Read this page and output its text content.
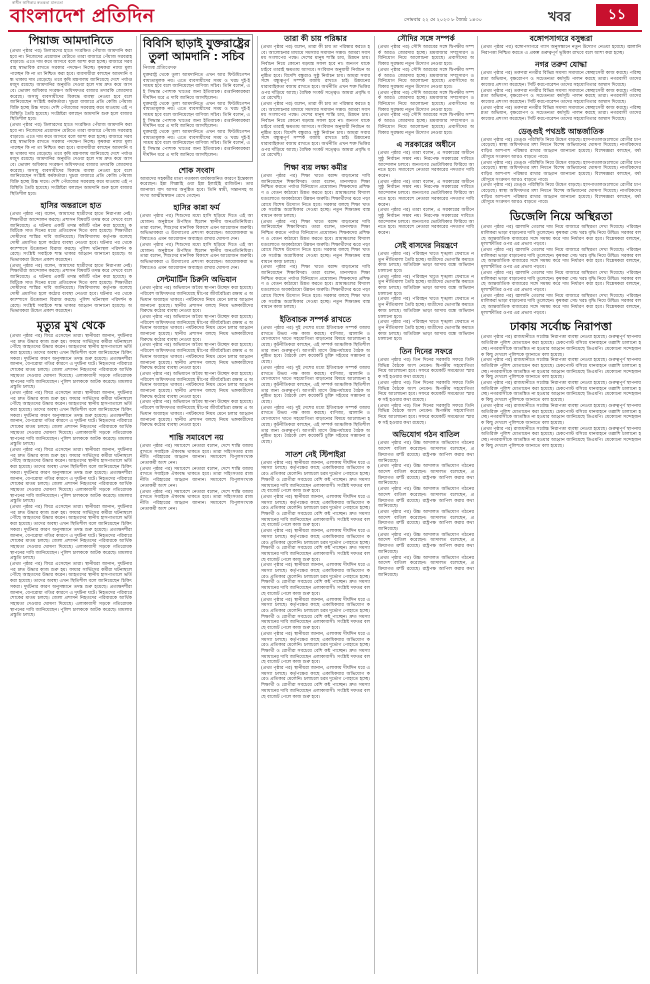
স্বাধীন স্বাধিকার স্বতন্ত্রতা মানবতা
বাংলাদেশ প্রতিদিন	সোমবার ২২ মে ২০২৩ ৮ জ্যৈষ্ঠ ১৪৩০	খবর	১১
পিয়াজ আমদানিতে

(প্রথম পৃষ্ঠার পর) ডিলারদের হাতে সংরক্ষিত পেঁয়াজ আমদানি করা হবে না। নিজেদের প্রয়োজন মেটাতে তারা বাজারে পেঁয়াজ সরবরাহ বাড়াবে। এতে দাম কমে আসবে বলে আশা করা হচ্ছে। বাজারে সরবরাহ স্বাভাবিক রাখতে সরকার পদক্ষেপ নিচ্ছে। কৃষকরা ন্যায্য মূল্য পাচ্ছেন কি না তা নিশ্চিত করা হবে। ব্যবসায়ীরা বলছেন আমদানি বন্ধ থাকায় দাম বেড়েছে। তবে কৃষি মন্ত্রণালয় জানিয়েছে দেশে পর্যাপ্ত মজুদ রয়েছে। আমদানির অনুমতি দেওয়া হলে দাম দ্রুত কমে আসবে। ভোক্তা অধিকার সংরক্ষণ অধিদফতর বাজার তদারকি জোরদার করেছে। অসাধু ব্যবসায়ীদের বিরুদ্ধে ব্যবস্থা নেওয়া হবে বলে জানিয়েছেন সংশ্লিষ্ট কর্মকর্তারা। খুচরা বাজারে প্রতি কেজি পেঁয়াজ বিক্রি হচ্ছে উচ্চ দামে। দেশি পেঁয়াজের সরবরাহ কমে যাওয়ায় এই পরিস্থিতি তৈরি হয়েছে। সংশ্লিষ্টরা বলছেন আমদানি শুরু হলে বাজার স্থিতিশীল হবে।

(প্রথম পৃষ্ঠার পর) ডিলারদের হাতে সংরক্ষিত পেঁয়াজ আমদানি করা হবে না। নিজেদের প্রয়োজন মেটাতে তারা বাজারে পেঁয়াজ সরবরাহ বাড়াবে। এতে দাম কমে আসবে বলে আশা করা হচ্ছে। বাজারে সরবরাহ স্বাভাবিক রাখতে সরকার পদক্ষেপ নিচ্ছে। কৃষকরা ন্যায্য মূল্য পাচ্ছেন কি না তা নিশ্চিত করা হবে। ব্যবসায়ীরা বলছেন আমদানি বন্ধ থাকায় দাম বেড়েছে। তবে কৃষি মন্ত্রণালয় জানিয়েছে দেশে পর্যাপ্ত মজুদ রয়েছে। আমদানির অনুমতি দেওয়া হলে দাম দ্রুত কমে আসবে। ভোক্তা অধিকার সংরক্ষণ অধিদফতর বাজার তদারকি জোরদার করেছে। অসাধু ব্যবসায়ীদের বিরুদ্ধে ব্যবস্থা নেওয়া হবে বলে জানিয়েছেন সংশ্লিষ্ট কর্মকর্তারা। খুচরা বাজারে প্রতি কেজি পেঁয়াজ বিক্রি হচ্ছে উচ্চ দামে। দেশি পেঁয়াজের সরবরাহ কমে যাওয়ায় এই পরিস্থিতি তৈরি হয়েছে। সংশ্লিষ্টরা বলছেন আমদানি শুরু হলে বাজার স্থিতিশীল হবে।

হাসির অন্তরালে হাত

(প্রথম পৃষ্ঠার পর) বলেন, আমাদের ছাত্রীদের হাতে নিরাপত্তা নেই। শিক্ষার্থীরা আন্দোলন করছে। প্রশাসন বিষয়টি তদন্ত করে দেখবে বলে জানিয়েছে। এ ঘটনায় একটি তদন্ত কমিটি গঠন করা হয়েছে। কমিটিকে সাত দিনের মধ্যে প্রতিবেদন দিতে বলা হয়েছে। শিক্ষার্থীরা দোষীদের শাস্তির দাবি জানিয়েছে। বিশ্ববিদ্যালয় কর্তৃপক্ষ বলেছে দোষী প্রমাণিত হলে কঠোর ব্যবস্থা নেওয়া হবে। ঘটনার পর থেকে ক্যাম্পাসে উত্তেজনা বিরাজ করছে। পুলিশ ঘটনাস্থল পরিদর্শন করেছে। সংশ্লিষ্ট সবাইকে শান্ত থাকার আহ্বান জানানো হয়েছে। অভিভাবকরা উদ্বেগ প্রকাশ করেছেন।

(প্রথম পৃষ্ঠার পর) বলেন, আমাদের ছাত্রীদের হাতে নিরাপত্তা নেই। শিক্ষার্থীরা আন্দোলন করছে। প্রশাসন বিষয়টি তদন্ত করে দেখবে বলে জানিয়েছে। এ ঘটনায় একটি তদন্ত কমিটি গঠন করা হয়েছে। কমিটিকে সাত দিনের মধ্যে প্রতিবেদন দিতে বলা হয়েছে। শিক্ষার্থীরা দোষীদের শাস্তির দাবি জানিয়েছে। বিশ্ববিদ্যালয় কর্তৃপক্ষ বলেছে দোষী প্রমাণিত হলে কঠোর ব্যবস্থা নেওয়া হবে। ঘটনার পর থেকে ক্যাম্পাসে উত্তেজনা বিরাজ করছে। পুলিশ ঘটনাস্থল পরিদর্শন করেছে। সংশ্লিষ্ট সবাইকে শান্ত থাকার আহ্বান জানানো হয়েছে। অভিভাবকরা উদ্বেগ প্রকাশ করেছেন।

মৃত্যুর মুখ থেকে

(প্রথম পৃষ্ঠার পর) ফিরে এসেছেন তারা। স্থানীয়রা জানান, দুর্ঘটনার পর দ্রুত উদ্ধার কাজ শুরু হয়। ফায়ার সার্ভিসের কর্মীরা ঘটনাস্থলে পৌঁছে আহতদের উদ্ধার করেন। আহতদের স্থানীয় হাসপাতালে ভর্তি করা হয়েছে। তাদের অবস্থা এখন স্থিতিশীল বলে জানিয়েছেন চিকিৎসকরা। দুর্ঘটনার কারণ অনুসন্ধানে তদন্ত শুরু হয়েছে। প্রত্যক্ষদর্শীরা জানান, বেপরোয়া গতির কারণে এ দুর্ঘটনা ঘটে। নিহতদের পরিবারে শোকের মাতম চলছে। জেলা প্রশাসন নিহতদের পরিবারকে আর্থিক সহায়তা দেওয়ার ঘোষণা দিয়েছে। এলাকাবাসী সড়কে গতিরোধক স্থাপনের দাবি জানিয়েছেন। পুলিশ চালককে আটক করেছে। মামলার প্রস্তুতি চলছে।

(প্রথম পৃষ্ঠার পর) ফিরে এসেছেন তারা। স্থানীয়রা জানান, দুর্ঘটনার পর দ্রুত উদ্ধার কাজ শুরু হয়। ফায়ার সার্ভিসের কর্মীরা ঘটনাস্থলে পৌঁছে আহতদের উদ্ধার করেন। আহতদের স্থানীয় হাসপাতালে ভর্তি করা হয়েছে। তাদের অবস্থা এখন স্থিতিশীল বলে জানিয়েছেন চিকিৎসকরা। দুর্ঘটনার কারণ অনুসন্ধানে তদন্ত শুরু হয়েছে। প্রত্যক্ষদর্শীরা জানান, বেপরোয়া গতির কারণে এ দুর্ঘটনা ঘটে। নিহতদের পরিবারে শোকের মাতম চলছে। জেলা প্রশাসন নিহতদের পরিবারকে আর্থিক সহায়তা দেওয়ার ঘোষণা দিয়েছে। এলাকাবাসী সড়কে গতিরোধক স্থাপনের দাবি জানিয়েছেন। পুলিশ চালককে আটক করেছে। মামলার প্রস্তুতি চলছে।

(প্রথম পৃষ্ঠার পর) ফিরে এসেছেন তারা। স্থানীয়রা জানান, দুর্ঘটনার পর দ্রুত উদ্ধার কাজ শুরু হয়। ফায়ার সার্ভিসের কর্মীরা ঘটনাস্থলে পৌঁছে আহতদের উদ্ধার করেন। আহতদের স্থানীয় হাসপাতালে ভর্তি করা হয়েছে। তাদের অবস্থা এখন স্থিতিশীল বলে জানিয়েছেন চিকিৎসকরা। দুর্ঘটনার কারণ অনুসন্ধানে তদন্ত শুরু হয়েছে। প্রত্যক্ষদর্শীরা জানান, বেপরোয়া গতির কারণে এ দুর্ঘটনা ঘটে। নিহতদের পরিবারে শোকের মাতম চলছে। জেলা প্রশাসন নিহতদের পরিবারকে আর্থিক সহায়তা দেওয়ার ঘোষণা দিয়েছে। এলাকাবাসী সড়কে গতিরোধক স্থাপনের দাবি জানিয়েছেন। পুলিশ চালককে আটক করেছে। মামলার প্রস্তুতি চলছে।

(প্রথম পৃষ্ঠার পর) ফিরে এসেছেন তারা। স্থানীয়রা জানান, দুর্ঘটনার পর দ্রুত উদ্ধার কাজ শুরু হয়। ফায়ার সার্ভিসের কর্মীরা ঘটনাস্থলে পৌঁছে আহতদের উদ্ধার করেন। আহতদের স্থানীয় হাসপাতালে ভর্তি করা হয়েছে। তাদের অবস্থা এখন স্থিতিশীল বলে জানিয়েছেন চিকিৎসকরা। দুর্ঘটনার কারণ অনুসন্ধানে তদন্ত শুরু হয়েছে। প্রত্যক্ষদর্শীরা জানান, বেপরোয়া গতির কারণে এ দুর্ঘটনা ঘটে। নিহতদের পরিবারে শোকের মাতম চলছে। জেলা প্রশাসন নিহতদের পরিবারকে আর্থিক সহায়তা দেওয়ার ঘোষণা দিয়েছে। এলাকাবাসী সড়কে গতিরোধক স্থাপনের দাবি জানিয়েছেন। পুলিশ চালককে আটক করেছে। মামলার প্রস্তুতি চলছে।

(প্রথম পৃষ্ঠার পর) ফিরে এসেছেন তারা। স্থানীয়রা জানান, দুর্ঘটনার পর দ্রুত উদ্ধার কাজ শুরু হয়। ফায়ার সার্ভিসের কর্মীরা ঘটনাস্থলে পৌঁছে আহতদের উদ্ধার করেন। আহতদের স্থানীয় হাসপাতালে ভর্তি করা হয়েছে। তাদের অবস্থা এখন স্থিতিশীল বলে জানিয়েছেন চিকিৎসকরা। দুর্ঘটনার কারণ অনুসন্ধানে তদন্ত শুরু হয়েছে। প্রত্যক্ষদর্শীরা জানান, বেপরোয়া গতির কারণে এ দুর্ঘটনা ঘটে। নিহতদের পরিবারে শোকের মাতম চলছে। জেলা প্রশাসন নিহতদের পরিবারকে আর্থিক সহায়তা দেওয়ার ঘোষণা দিয়েছে। এলাকাবাসী সড়কে গতিরোধক স্থাপনের দাবি জানিয়েছেন। পুলিশ চালককে আটক করেছে। মামলার প্রস্তুতি চলছে।

বিবিসি ছাড়াই যুক্তরাষ্ট্রের তুলা আমদানি : সচিব
নিজস্ব প্রতিবেদক

যুক্তরাষ্ট্র থেকে তুলা আমদানিতে এখন আর ফিউমিগেশন বাধ্যতামূলক নয়। এতে ব্যবসায়ীদের সময় ও খরচ দুই-ই সাশ্রয় হবে বলে জানিয়েছেন বাণিজ্য সচিব। তিনি বলেন, এই সিদ্ধান্ত পোশাক খাতের জন্য ইতিবাচক। রপ্তানিকারকরা দীর্ঘদিন ধরে এ দাবি জানিয়ে আসছিলেন।

যুক্তরাষ্ট্র থেকে তুলা আমদানিতে এখন আর ফিউমিগেশন বাধ্যতামূলক নয়। এতে ব্যবসায়ীদের সময় ও খরচ দুই-ই সাশ্রয় হবে বলে জানিয়েছেন বাণিজ্য সচিব। তিনি বলেন, এই সিদ্ধান্ত পোশাক খাতের জন্য ইতিবাচক। রপ্তানিকারকরা দীর্ঘদিন ধরে এ দাবি জানিয়ে আসছিলেন।

যুক্তরাষ্ট্র থেকে তুলা আমদানিতে এখন আর ফিউমিগেশন বাধ্যতামূলক নয়। এতে ব্যবসায়ীদের সময় ও খরচ দুই-ই সাশ্রয় হবে বলে জানিয়েছেন বাণিজ্য সচিব। তিনি বলেন, এই সিদ্ধান্ত পোশাক খাতের জন্য ইতিবাচক। রপ্তানিকারকরা দীর্ঘদিন ধরে এ দাবি জানিয়ে আসছিলেন।

শোক সংবাদ

আমাদের সহকর্মীর মাতা গতকাল বার্ধক্যজনিত কারণে ইন্তেকাল করেছেন। ইন্না লিল্লাহি ওয়া ইন্না ইলাইহি রাজিউন। তার জানাজা বাদ আসর অনুষ্ঠিত হবে। তিনি স্বামী, সন্তানসহ অসংখ্য আত্মীয়স্বজন রেখে গেছেন।

হাসির কান্না ফর্ম

(প্রথম পৃষ্ঠার পর) শিশুদের মধ্যে হাসি ছড়িয়ে দিতে এই আয়োজন। অনুষ্ঠানে উপস্থিত ছিলেন স্থানীয় জনপ্রতিনিধিরা। তারা বলেন, শিশুদের মানসিক বিকাশে এমন আয়োজন জরুরি। অভিভাবকরা এ উদ্যোগের প্রশংসা করেছেন। আয়োজকরা ভবিষ্যতেও এমন আয়োজন অব্যাহত রাখার ঘোষণা দেন।

(প্রথম পৃষ্ঠার পর) শিশুদের মধ্যে হাসি ছড়িয়ে দিতে এই আয়োজন। অনুষ্ঠানে উপস্থিত ছিলেন স্থানীয় জনপ্রতিনিধিরা। তারা বলেন, শিশুদের মানসিক বিকাশে এমন আয়োজন জরুরি। অভিভাবকরা এ উদ্যোগের প্রশংসা করেছেন। আয়োজকরা ভবিষ্যতেও এমন আয়োজন অব্যাহত রাখার ঘোষণা দেন।

সেন্টমার্টিন চিরুনি অভিযান

(প্রথম পৃষ্ঠার পর) অভিযানে অবৈধ স্থাপনা উচ্ছেদ করা হয়েছে। পরিবেশ অধিদফতর জানিয়েছে দ্বীপের জীববৈচিত্র্য রক্ষায় এ অভিযান অব্যাহত থাকবে। পর্যটকদের নিয়ম মেনে চলার আহ্বান জানানো হয়েছে। স্থানীয় প্রশাসন বলছে নিয়ম ভঙ্গকারীদের বিরুদ্ধে কঠোর ব্যবস্থা নেওয়া হবে।

(প্রথম পৃষ্ঠার পর) অভিযানে অবৈধ স্থাপনা উচ্ছেদ করা হয়েছে। পরিবেশ অধিদফতর জানিয়েছে দ্বীপের জীববৈচিত্র্য রক্ষায় এ অভিযান অব্যাহত থাকবে। পর্যটকদের নিয়ম মেনে চলার আহ্বান জানানো হয়েছে। স্থানীয় প্রশাসন বলছে নিয়ম ভঙ্গকারীদের বিরুদ্ধে কঠোর ব্যবস্থা নেওয়া হবে।

(প্রথম পৃষ্ঠার পর) অভিযানে অবৈধ স্থাপনা উচ্ছেদ করা হয়েছে। পরিবেশ অধিদফতর জানিয়েছে দ্বীপের জীববৈচিত্র্য রক্ষায় এ অভিযান অব্যাহত থাকবে। পর্যটকদের নিয়ম মেনে চলার আহ্বান জানানো হয়েছে। স্থানীয় প্রশাসন বলছে নিয়ম ভঙ্গকারীদের বিরুদ্ধে কঠোর ব্যবস্থা নেওয়া হবে।

(প্রথম পৃষ্ঠার পর) অভিযানে অবৈধ স্থাপনা উচ্ছেদ করা হয়েছে। পরিবেশ অধিদফতর জানিয়েছে দ্বীপের জীববৈচিত্র্য রক্ষায় এ অভিযান অব্যাহত থাকবে। পর্যটকদের নিয়ম মেনে চলার আহ্বান জানানো হয়েছে। স্থানীয় প্রশাসন বলছে নিয়ম ভঙ্গকারীদের বিরুদ্ধে কঠোর ব্যবস্থা নেওয়া হবে।

(প্রথম পৃষ্ঠার পর) অভিযানে অবৈধ স্থাপনা উচ্ছেদ করা হয়েছে। পরিবেশ অধিদফতর জানিয়েছে দ্বীপের জীববৈচিত্র্য রক্ষায় এ অভিযান অব্যাহত থাকবে। পর্যটকদের নিয়ম মেনে চলার আহ্বান জানানো হয়েছে। স্থানীয় প্রশাসন বলছে নিয়ম ভঙ্গকারীদের বিরুদ্ধে কঠোর ব্যবস্থা নেওয়া হবে।

শান্তি সমাবেশে নয়

(প্রথম পৃষ্ঠার পর) সমাবেশে নেতারা বলেন, দেশে শান্তি বজায় রাখতে সবাইকে ঐক্যবদ্ধ থাকতে হবে। তারা সহিংসতার রাজনীতি পরিহারের আহ্বান জানান। সমাবেশে বিপুলসংখ্যক নেতাকর্মী অংশ নেন।

(প্রথম পৃষ্ঠার পর) সমাবেশে নেতারা বলেন, দেশে শান্তি বজায় রাখতে সবাইকে ঐক্যবদ্ধ থাকতে হবে। তারা সহিংসতার রাজনীতি পরিহারের আহ্বান জানান। সমাবেশে বিপুলসংখ্যক নেতাকর্মী অংশ নেন।

(প্রথম পৃষ্ঠার পর) সমাবেশে নেতারা বলেন, দেশে শান্তি বজায় রাখতে সবাইকে ঐক্যবদ্ধ থাকতে হবে। তারা সহিংসতার রাজনীতি পরিহারের আহ্বান জানান। সমাবেশে বিপুলসংখ্যক নেতাকর্মী অংশ নেন।

তারা কী চায় পরিষ্কার

(প্রথম পৃষ্ঠার পর) বলেন, তারা কী চায় তা পরিষ্কার করতে হবে। আলোচনার মাধ্যমে সমস্যার সমাধান সম্ভব। আমরা সবসময় সংলাপের পক্ষে। দেশের মানুষ শান্তি চায়, উন্নয়ন চায়। নির্বাচন নিয়ে কোনো ষড়যন্ত্র সফল হবে না। জনগণ যাকে চাইবে তারাই ক্ষমতায় আসবে। সংবিধান অনুযায়ী নির্বাচন অনুষ্ঠিত হবে। বিদেশি বন্ধুরাও সুষ্ঠু নির্বাচন চায়। আমরা সবার সঙ্গে বন্ধুত্বপূর্ণ সম্পর্ক বজায় রাখতে চাই। উন্নয়নের ধারাবাহিকতা বজায় রাখতে হবে। অর্থনীতি এখন শক্ত ভিত্তির ওপর দাঁড়িয়ে আছে। বৈশ্বিক সংকট সত্ত্বেও আমরা প্রবৃদ্ধি ধরে রেখেছি।

(প্রথম পৃষ্ঠার পর) বলেন, তারা কী চায় তা পরিষ্কার করতে হবে। আলোচনার মাধ্যমে সমস্যার সমাধান সম্ভব। আমরা সবসময় সংলাপের পক্ষে। দেশের মানুষ শান্তি চায়, উন্নয়ন চায়। নির্বাচন নিয়ে কোনো ষড়যন্ত্র সফল হবে না। জনগণ যাকে চাইবে তারাই ক্ষমতায় আসবে। সংবিধান অনুযায়ী নির্বাচন অনুষ্ঠিত হবে। বিদেশি বন্ধুরাও সুষ্ঠু নির্বাচন চায়। আমরা সবার সঙ্গে বন্ধুত্বপূর্ণ সম্পর্ক বজায় রাখতে চাই। উন্নয়নের ধারাবাহিকতা বজায় রাখতে হবে। অর্থনীতি এখন শক্ত ভিত্তির ওপর দাঁড়িয়ে আছে। বৈশ্বিক সংকট সত্ত্বেও আমরা প্রবৃদ্ধি ধরে রেখেছি।

শিক্ষা ব্যয় লক্ষ্য কমীর

(প্রথম পৃষ্ঠার পর) শিক্ষা খাতে বরাদ্দ বাড়ানোর দাবি জানিয়েছেন শিক্ষাবিদরা। তারা বলেন, মানসম্মত শিক্ষা নিশ্চিত করতে পর্যাপ্ত বিনিয়োগ প্রয়োজন। শিক্ষকদের প্রশিক্ষণ ও বেতন কাঠামো উন্নত করতে হবে। গ্রামাঞ্চলের বিদ্যালয়গুলোতে অবকাঠামো উন্নয়ন জরুরি। শিক্ষার্থীদের ঝরে পড়া রোধে বিশেষ উদ্যোগ নিতে হবে। সরকার বলছে শিক্ষা খাতকে সর্বোচ্চ অগ্রাধিকার দেওয়া হচ্ছে। নতুন শিক্ষাক্রম বাস্তবায়নে কাজ চলছে।

(প্রথম পৃষ্ঠার পর) শিক্ষা খাতে বরাদ্দ বাড়ানোর দাবি জানিয়েছেন শিক্ষাবিদরা। তারা বলেন, মানসম্মত শিক্ষা নিশ্চিত করতে পর্যাপ্ত বিনিয়োগ প্রয়োজন। শিক্ষকদের প্রশিক্ষণ ও বেতন কাঠামো উন্নত করতে হবে। গ্রামাঞ্চলের বিদ্যালয়গুলোতে অবকাঠামো উন্নয়ন জরুরি। শিক্ষার্থীদের ঝরে পড়া রোধে বিশেষ উদ্যোগ নিতে হবে। সরকার বলছে শিক্ষা খাতকে সর্বোচ্চ অগ্রাধিকার দেওয়া হচ্ছে। নতুন শিক্ষাক্রম বাস্তবায়নে কাজ চলছে।

(প্রথম পৃষ্ঠার পর) শিক্ষা খাতে বরাদ্দ বাড়ানোর দাবি জানিয়েছেন শিক্ষাবিদরা। তারা বলেন, মানসম্মত শিক্ষা নিশ্চিত করতে পর্যাপ্ত বিনিয়োগ প্রয়োজন। শিক্ষকদের প্রশিক্ষণ ও বেতন কাঠামো উন্নত করতে হবে। গ্রামাঞ্চলের বিদ্যালয়গুলোতে অবকাঠামো উন্নয়ন জরুরি। শিক্ষার্থীদের ঝরে পড়া রোধে বিশেষ উদ্যোগ নিতে হবে। সরকার বলছে শিক্ষা খাতকে সর্বোচ্চ অগ্রাধিকার দেওয়া হচ্ছে। নতুন শিক্ষাক্রম বাস্তবায়নে কাজ চলছে।

ইতিবাচক সম্পর্ক রাখতে

(প্রথম পৃষ্ঠার পর) দুই দেশের মধ্যে ইতিবাচক সম্পর্ক বজায় রাখতে উভয় পক্ষ কাজ করছে। বাণিজ্য, জ্বালানি ও যোগাযোগ খাতে সহযোগিতা বাড়ানোর বিষয়ে আলোচনা হয়েছে। কূটনীতিকরা বলছেন, এই সম্পর্ক আঞ্চলিক স্থিতিশীলতার জন্য গুরুত্বপূর্ণ। আগামী মাসে উচ্চপর্যায়ের বৈঠক অনুষ্ঠিত হবে। বৈঠকে বেশ কয়েকটি চুক্তি সইয়ের সম্ভাবনা রয়েছে।

(প্রথম পৃষ্ঠার পর) দুই দেশের মধ্যে ইতিবাচক সম্পর্ক বজায় রাখতে উভয় পক্ষ কাজ করছে। বাণিজ্য, জ্বালানি ও যোগাযোগ খাতে সহযোগিতা বাড়ানোর বিষয়ে আলোচনা হয়েছে। কূটনীতিকরা বলছেন, এই সম্পর্ক আঞ্চলিক স্থিতিশীলতার জন্য গুরুত্বপূর্ণ। আগামী মাসে উচ্চপর্যায়ের বৈঠক অনুষ্ঠিত হবে। বৈঠকে বেশ কয়েকটি চুক্তি সইয়ের সম্ভাবনা রয়েছে।

(প্রথম পৃষ্ঠার পর) দুই দেশের মধ্যে ইতিবাচক সম্পর্ক বজায় রাখতে উভয় পক্ষ কাজ করছে। বাণিজ্য, জ্বালানি ও যোগাযোগ খাতে সহযোগিতা বাড়ানোর বিষয়ে আলোচনা হয়েছে। কূটনীতিকরা বলছেন, এই সম্পর্ক আঞ্চলিক স্থিতিশীলতার জন্য গুরুত্বপূর্ণ। আগামী মাসে উচ্চপর্যায়ের বৈঠক অনুষ্ঠিত হবে। বৈঠকে বেশ কয়েকটি চুক্তি সইয়ের সম্ভাবনা রয়েছে।

সাতশ নেই স্টিপাইরা

(প্রথম পৃষ্ঠার পর) স্থানীয়রা জানান, এলাকায় দীর্ঘদিন ধরে এ সমস্যা চলছে। কর্তৃপক্ষের কাছে একাধিকবার অভিযোগ করেও প্রতিকার মেলেনি। চলাচলে চরম দুর্ভোগ পোহাতে হচ্ছে। শিক্ষার্থী ও রোগীরা সবচেয়ে বেশি কষ্ট পাচ্ছেন। দ্রুত সমস্যা সমাধানের দাবি জানিয়েছেন এলাকাবাসী। সংশ্লিষ্ট দফতর বলছে বাজেট পেলে কাজ শুরু হবে।

(প্রথম পৃষ্ঠার পর) স্থানীয়রা জানান, এলাকায় দীর্ঘদিন ধরে এ সমস্যা চলছে। কর্তৃপক্ষের কাছে একাধিকবার অভিযোগ করেও প্রতিকার মেলেনি। চলাচলে চরম দুর্ভোগ পোহাতে হচ্ছে। শিক্ষার্থী ও রোগীরা সবচেয়ে বেশি কষ্ট পাচ্ছেন। দ্রুত সমস্যা সমাধানের দাবি জানিয়েছেন এলাকাবাসী। সংশ্লিষ্ট দফতর বলছে বাজেট পেলে কাজ শুরু হবে।

(প্রথম পৃষ্ঠার পর) স্থানীয়রা জানান, এলাকায় দীর্ঘদিন ধরে এ সমস্যা চলছে। কর্তৃপক্ষের কাছে একাধিকবার অভিযোগ করেও প্রতিকার মেলেনি। চলাচলে চরম দুর্ভোগ পোহাতে হচ্ছে। শিক্ষার্থী ও রোগীরা সবচেয়ে বেশি কষ্ট পাচ্ছেন। দ্রুত সমস্যা সমাধানের দাবি জানিয়েছেন এলাকাবাসী। সংশ্লিষ্ট দফতর বলছে বাজেট পেলে কাজ শুরু হবে।

(প্রথম পৃষ্ঠার পর) স্থানীয়রা জানান, এলাকায় দীর্ঘদিন ধরে এ সমস্যা চলছে। কর্তৃপক্ষের কাছে একাধিকবার অভিযোগ করেও প্রতিকার মেলেনি। চলাচলে চরম দুর্ভোগ পোহাতে হচ্ছে। শিক্ষার্থী ও রোগীরা সবচেয়ে বেশি কষ্ট পাচ্ছেন। দ্রুত সমস্যা সমাধানের দাবি জানিয়েছেন এলাকাবাসী। সংশ্লিষ্ট দফতর বলছে বাজেট পেলে কাজ শুরু হবে।

(প্রথম পৃষ্ঠার পর) স্থানীয়রা জানান, এলাকায় দীর্ঘদিন ধরে এ সমস্যা চলছে। কর্তৃপক্ষের কাছে একাধিকবার অভিযোগ করেও প্রতিকার মেলেনি। চলাচলে চরম দুর্ভোগ পোহাতে হচ্ছে। শিক্ষার্থী ও রোগীরা সবচেয়ে বেশি কষ্ট পাচ্ছেন। দ্রুত সমস্যা সমাধানের দাবি জানিয়েছেন এলাকাবাসী। সংশ্লিষ্ট দফতর বলছে বাজেট পেলে কাজ শুরু হবে।

(প্রথম পৃষ্ঠার পর) স্থানীয়রা জানান, এলাকায় দীর্ঘদিন ধরে এ সমস্যা চলছে। কর্তৃপক্ষের কাছে একাধিকবার অভিযোগ করেও প্রতিকার মেলেনি। চলাচলে চরম দুর্ভোগ পোহাতে হচ্ছে। শিক্ষার্থী ও রোগীরা সবচেয়ে বেশি কষ্ট পাচ্ছেন। দ্রুত সমস্যা সমাধানের দাবি জানিয়েছেন এলাকাবাসী। সংশ্লিষ্ট দফতর বলছে বাজেট পেলে কাজ শুরু হবে।

(প্রথম পৃষ্ঠার পর) স্থানীয়রা জানান, এলাকায় দীর্ঘদিন ধরে এ সমস্যা চলছে। কর্তৃপক্ষের কাছে একাধিকবার অভিযোগ করেও প্রতিকার মেলেনি। চলাচলে চরম দুর্ভোগ পোহাতে হচ্ছে। শিক্ষার্থী ও রোগীরা সবচেয়ে বেশি কষ্ট পাচ্ছেন। দ্রুত সমস্যা সমাধানের দাবি জানিয়েছেন এলাকাবাসী। সংশ্লিষ্ট দফতর বলছে বাজেট পেলে কাজ শুরু হবে।

সৌদির সঙ্গে সম্পর্ক

(প্রথম পৃষ্ঠার পর) সৌদি আরবের সঙ্গে দ্বিপক্ষীয় সম্পর্ক আরও জোরদার হচ্ছে। শ্রমবাজার সম্প্রসারণ ও বিনিয়োগ নিয়ে আলোচনা হয়েছে। প্রবাসীদের অধিকার সুরক্ষায় নতুন উদ্যোগ নেওয়া হবে।

(প্রথম পৃষ্ঠার পর) সৌদি আরবের সঙ্গে দ্বিপক্ষীয় সম্পর্ক আরও জোরদার হচ্ছে। শ্রমবাজার সম্প্রসারণ ও বিনিয়োগ নিয়ে আলোচনা হয়েছে। প্রবাসীদের অধিকার সুরক্ষায় নতুন উদ্যোগ নেওয়া হবে।

(প্রথম পৃষ্ঠার পর) সৌদি আরবের সঙ্গে দ্বিপক্ষীয় সম্পর্ক আরও জোরদার হচ্ছে। শ্রমবাজার সম্প্রসারণ ও বিনিয়োগ নিয়ে আলোচনা হয়েছে। প্রবাসীদের অধিকার সুরক্ষায় নতুন উদ্যোগ নেওয়া হবে।

(প্রথম পৃষ্ঠার পর) সৌদি আরবের সঙ্গে দ্বিপক্ষীয় সম্পর্ক আরও জোরদার হচ্ছে। শ্রমবাজার সম্প্রসারণ ও বিনিয়োগ নিয়ে আলোচনা হয়েছে। প্রবাসীদের অধিকার সুরক্ষায় নতুন উদ্যোগ নেওয়া হবে।

এ সরকারের অধীনে

(প্রথম পৃষ্ঠার পর) তারা বলেন, এ সরকারের অধীনে সুষ্ঠু নির্বাচন সম্ভব নয়। নিরপেক্ষ সরকারের দাবিতে আন্দোলন চলবে। জনগণের ভোটাধিকার ফিরিয়ে আনতে হবে। সমাবেশে নেতারা সরকারের পদত্যাগ দাবি করেন।

(প্রথম পৃষ্ঠার পর) তারা বলেন, এ সরকারের অধীনে সুষ্ঠু নির্বাচন সম্ভব নয়। নিরপেক্ষ সরকারের দাবিতে আন্দোলন চলবে। জনগণের ভোটাধিকার ফিরিয়ে আনতে হবে। সমাবেশে নেতারা সরকারের পদত্যাগ দাবি করেন।

(প্রথম পৃষ্ঠার পর) তারা বলেন, এ সরকারের অধীনে সুষ্ঠু নির্বাচন সম্ভব নয়। নিরপেক্ষ সরকারের দাবিতে আন্দোলন চলবে। জনগণের ভোটাধিকার ফিরিয়ে আনতে হবে। সমাবেশে নেতারা সরকারের পদত্যাগ দাবি করেন।

সেই বাসদের নিয়ন্ত্রণে

(প্রথম পৃষ্ঠার পর) পরিবহন খাতে শৃঙ্খলা ফেরাতে নতুন নীতিমালা তৈরি হচ্ছে। যাত্রীদের ভোগান্তি কমাতে কাজ চলছে। অতিরিক্ত ভাড়া আদায় বন্ধে অভিযান চালানো হবে।

(প্রথম পৃষ্ঠার পর) পরিবহন খাতে শৃঙ্খলা ফেরাতে নতুন নীতিমালা তৈরি হচ্ছে। যাত্রীদের ভোগান্তি কমাতে কাজ চলছে। অতিরিক্ত ভাড়া আদায় বন্ধে অভিযান চালানো হবে।

(প্রথম পৃষ্ঠার পর) পরিবহন খাতে শৃঙ্খলা ফেরাতে নতুন নীতিমালা তৈরি হচ্ছে। যাত্রীদের ভোগান্তি কমাতে কাজ চলছে। অতিরিক্ত ভাড়া আদায় বন্ধে অভিযান চালানো হবে।

(প্রথম পৃষ্ঠার পর) পরিবহন খাতে শৃঙ্খলা ফেরাতে নতুন নীতিমালা তৈরি হচ্ছে। যাত্রীদের ভোগান্তি কমাতে কাজ চলছে। অতিরিক্ত ভাড়া আদায় বন্ধে অভিযান চালানো হবে।

তিন দিনের সফরে

(প্রথম পৃষ্ঠার পর) তিন দিনের সরকারি সফরে তিনি বিভিন্ন বৈঠকে অংশ নেবেন। দ্বিপক্ষীয় সহযোগিতা নিয়ে আলোচনা হবে। সফরে কয়েকটি সমঝোতা স্মারক সই হওয়ার কথা রয়েছে।

(প্রথম পৃষ্ঠার পর) তিন দিনের সরকারি সফরে তিনি বিভিন্ন বৈঠকে অংশ নেবেন। দ্বিপক্ষীয় সহযোগিতা নিয়ে আলোচনা হবে। সফরে কয়েকটি সমঝোতা স্মারক সই হওয়ার কথা রয়েছে।

(প্রথম পৃষ্ঠার পর) তিন দিনের সরকারি সফরে তিনি বিভিন্ন বৈঠকে অংশ নেবেন। দ্বিপক্ষীয় সহযোগিতা নিয়ে আলোচনা হবে। সফরে কয়েকটি সমঝোতা স্মারক সই হওয়ার কথা রয়েছে।

অভিযোগ গঠন বাতিল

(প্রথম পৃষ্ঠার পর) উচ্চ আদালত অভিযোগ গঠনের আদেশ বাতিল করেছেন। আদালত বলেছেন, প্রক্রিয়াগত ত্রুটি রয়েছে। রাষ্ট্রপক্ষ আপিল করার কথা জানিয়েছে।

(প্রথম পৃষ্ঠার পর) উচ্চ আদালত অভিযোগ গঠনের আদেশ বাতিল করেছেন। আদালত বলেছেন, প্রক্রিয়াগত ত্রুটি রয়েছে। রাষ্ট্রপক্ষ আপিল করার কথা জানিয়েছে।

(প্রথম পৃষ্ঠার পর) উচ্চ আদালত অভিযোগ গঠনের আদেশ বাতিল করেছেন। আদালত বলেছেন, প্রক্রিয়াগত ত্রুটি রয়েছে। রাষ্ট্রপক্ষ আপিল করার কথা জানিয়েছে।

(প্রথম পৃষ্ঠার পর) উচ্চ আদালত অভিযোগ গঠনের আদেশ বাতিল করেছেন। আদালত বলেছেন, প্রক্রিয়াগত ত্রুটি রয়েছে। রাষ্ট্রপক্ষ আপিল করার কথা জানিয়েছে।

(প্রথম পৃষ্ঠার পর) উচ্চ আদালত অভিযোগ গঠনের আদেশ বাতিল করেছেন। আদালত বলেছেন, প্রক্রিয়াগত ত্রুটি রয়েছে। রাষ্ট্রপক্ষ আপিল করার কথা জানিয়েছে।

(প্রথম পৃষ্ঠার পর) উচ্চ আদালত অভিযোগ গঠনের আদেশ বাতিল করেছেন। আদালত বলেছেন, প্রক্রিয়াগত ত্রুটি রয়েছে। রাষ্ট্রপক্ষ আপিল করার কথা জানিয়েছে।

বঙ্গোপসাগরে বসুন্ধরা

(প্রথম পৃষ্ঠার পর) বঙ্গোপসাগরে গ্যাস অনুসন্ধানে নতুন উদ্যোগ নেওয়া হয়েছে। জ্বালানি নিরাপত্তা নিশ্চিত করতে এ প্রকল্প গুরুত্বপূর্ণ ভূমিকা রাখবে বলে আশা করা হচ্ছে।

নগর তরুণ যোদ্ধা

(প্রথম পৃষ্ঠার পর) তরুণরা নগরীর বিভিন্ন সমস্যা সমাধানে স্বেচ্ছাসেবী কাজ করছে। পরিচ্ছন্নতা অভিযান, বৃক্ষরোপণ ও সচেতনতা কর্মসূচি পালন করছে তারা। নগরবাসী তাদের কাজের প্রশংসা করেছেন। সিটি করপোরেশন তাদের সহযোগিতার আশ্বাস দিয়েছে।

(প্রথম পৃষ্ঠার পর) তরুণরা নগরীর বিভিন্ন সমস্যা সমাধানে স্বেচ্ছাসেবী কাজ করছে। পরিচ্ছন্নতা অভিযান, বৃক্ষরোপণ ও সচেতনতা কর্মসূচি পালন করছে তারা। নগরবাসী তাদের কাজের প্রশংসা করেছেন। সিটি করপোরেশন তাদের সহযোগিতার আশ্বাস দিয়েছে।

(প্রথম পৃষ্ঠার পর) তরুণরা নগরীর বিভিন্ন সমস্যা সমাধানে স্বেচ্ছাসেবী কাজ করছে। পরিচ্ছন্নতা অভিযান, বৃক্ষরোপণ ও সচেতনতা কর্মসূচি পালন করছে তারা। নগরবাসী তাদের কাজের প্রশংসা করেছেন। সিটি করপোরেশন তাদের সহযোগিতার আশ্বাস দিয়েছে।

ডেঙ্গুই পথভ্রষ্ট আন্তর্জাতিক

(প্রথম পৃষ্ঠার পর) ডেঙ্গু পরিস্থিতি নিয়ে উদ্বেগ বাড়ছে। হাসপাতালগুলোতে রোগীর চাপ বেড়েছে। স্বাস্থ্য অধিদফতর মশা নিধনে বিশেষ অভিযানের ঘোষণা দিয়েছে। নাগরিকদের বাড়ির আশপাশ পরিষ্কার রাখার আহ্বান জানানো হয়েছে। বিশেষজ্ঞরা বলছেন, বর্ষা মৌসুমে সংক্রমণ আরও বাড়তে পারে।

(প্রথম পৃষ্ঠার পর) ডেঙ্গু পরিস্থিতি নিয়ে উদ্বেগ বাড়ছে। হাসপাতালগুলোতে রোগীর চাপ বেড়েছে। স্বাস্থ্য অধিদফতর মশা নিধনে বিশেষ অভিযানের ঘোষণা দিয়েছে। নাগরিকদের বাড়ির আশপাশ পরিষ্কার রাখার আহ্বান জানানো হয়েছে। বিশেষজ্ঞরা বলছেন, বর্ষা মৌসুমে সংক্রমণ আরও বাড়তে পারে।

(প্রথম পৃষ্ঠার পর) ডেঙ্গু পরিস্থিতি নিয়ে উদ্বেগ বাড়ছে। হাসপাতালগুলোতে রোগীর চাপ বেড়েছে। স্বাস্থ্য অধিদফতর মশা নিধনে বিশেষ অভিযানের ঘোষণা দিয়েছে। নাগরিকদের বাড়ির আশপাশ পরিষ্কার রাখার আহ্বান জানানো হয়েছে। বিশেষজ্ঞরা বলছেন, বর্ষা মৌসুমে সংক্রমণ আরও বাড়তে পারে।

ডিজেলি নিয়ে অস্থিরতা

(প্রথম পৃষ্ঠার পর) জ্বালানি তেলের দাম নিয়ে বাজারে অস্থিরতা দেখা দিয়েছে। পরিবহন মালিকরা ভাড়া বাড়ানোর দাবি তুলেছেন। কৃষকরা সেচ খরচ বৃদ্ধি নিয়ে উদ্বিগ্ন। সরকার বলছে আন্তর্জাতিক বাজারের সঙ্গে সমন্বয় করে দাম নির্ধারণ করা হবে। বিশ্লেষকরা বলছেন, মূল্যস্ফীতির ওপর এর প্রভাব পড়বে।

(প্রথম পৃষ্ঠার পর) জ্বালানি তেলের দাম নিয়ে বাজারে অস্থিরতা দেখা দিয়েছে। পরিবহন মালিকরা ভাড়া বাড়ানোর দাবি তুলেছেন। কৃষকরা সেচ খরচ বৃদ্ধি নিয়ে উদ্বিগ্ন। সরকার বলছে আন্তর্জাতিক বাজারের সঙ্গে সমন্বয় করে দাম নির্ধারণ করা হবে। বিশ্লেষকরা বলছেন, মূল্যস্ফীতির ওপর এর প্রভাব পড়বে।

(প্রথম পৃষ্ঠার পর) জ্বালানি তেলের দাম নিয়ে বাজারে অস্থিরতা দেখা দিয়েছে। পরিবহন মালিকরা ভাড়া বাড়ানোর দাবি তুলেছেন। কৃষকরা সেচ খরচ বৃদ্ধি নিয়ে উদ্বিগ্ন। সরকার বলছে আন্তর্জাতিক বাজারের সঙ্গে সমন্বয় করে দাম নির্ধারণ করা হবে। বিশ্লেষকরা বলছেন, মূল্যস্ফীতির ওপর এর প্রভাব পড়বে।

(প্রথম পৃষ্ঠার পর) জ্বালানি তেলের দাম নিয়ে বাজারে অস্থিরতা দেখা দিয়েছে। পরিবহন মালিকরা ভাড়া বাড়ানোর দাবি তুলেছেন। কৃষকরা সেচ খরচ বৃদ্ধি নিয়ে উদ্বিগ্ন। সরকার বলছে আন্তর্জাতিক বাজারের সঙ্গে সমন্বয় করে দাম নির্ধারণ করা হবে। বিশ্লেষকরা বলছেন, মূল্যস্ফীতির ওপর এর প্রভাব পড়বে।

ঢাকায় সর্বোচ্চ নিরাপত্তা

(প্রথম পৃষ্ঠার পর) রাজধানীতে সর্বোচ্চ নিরাপত্তা ব্যবস্থা নেওয়া হয়েছে। গুরুত্বপূর্ণ স্থাপনায় অতিরিক্ত পুলিশ মোতায়েন করা হয়েছে। চেকপোস্ট বসিয়ে যানবাহনে তল্লাশি চালানো হচ্ছে। নগরবাসীকে আতঙ্কিত না হওয়ার আহ্বান জানিয়েছে ডিএমপি। যেকোনো সন্দেহজনক কিছু দেখলে পুলিশকে জানাতে বলা হয়েছে।

(প্রথম পৃষ্ঠার পর) রাজধানীতে সর্বোচ্চ নিরাপত্তা ব্যবস্থা নেওয়া হয়েছে। গুরুত্বপূর্ণ স্থাপনায় অতিরিক্ত পুলিশ মোতায়েন করা হয়েছে। চেকপোস্ট বসিয়ে যানবাহনে তল্লাশি চালানো হচ্ছে। নগরবাসীকে আতঙ্কিত না হওয়ার আহ্বান জানিয়েছে ডিএমপি। যেকোনো সন্দেহজনক কিছু দেখলে পুলিশকে জানাতে বলা হয়েছে।

(প্রথম পৃষ্ঠার পর) রাজধানীতে সর্বোচ্চ নিরাপত্তা ব্যবস্থা নেওয়া হয়েছে। গুরুত্বপূর্ণ স্থাপনায় অতিরিক্ত পুলিশ মোতায়েন করা হয়েছে। চেকপোস্ট বসিয়ে যানবাহনে তল্লাশি চালানো হচ্ছে। নগরবাসীকে আতঙ্কিত না হওয়ার আহ্বান জানিয়েছে ডিএমপি। যেকোনো সন্দেহজনক কিছু দেখলে পুলিশকে জানাতে বলা হয়েছে।

(প্রথম পৃষ্ঠার পর) রাজধানীতে সর্বোচ্চ নিরাপত্তা ব্যবস্থা নেওয়া হয়েছে। গুরুত্বপূর্ণ স্থাপনায় অতিরিক্ত পুলিশ মোতায়েন করা হয়েছে। চেকপোস্ট বসিয়ে যানবাহনে তল্লাশি চালানো হচ্ছে। নগরবাসীকে আতঙ্কিত না হওয়ার আহ্বান জানিয়েছে ডিএমপি। যেকোনো সন্দেহজনক কিছু দেখলে পুলিশকে জানাতে বলা হয়েছে।

(প্রথম পৃষ্ঠার পর) রাজধানীতে সর্বোচ্চ নিরাপত্তা ব্যবস্থা নেওয়া হয়েছে। গুরুত্বপূর্ণ স্থাপনায় অতিরিক্ত পুলিশ মোতায়েন করা হয়েছে। চেকপোস্ট বসিয়ে যানবাহনে তল্লাশি চালানো হচ্ছে। নগরবাসীকে আতঙ্কিত না হওয়ার আহ্বান জানিয়েছে ডিএমপি। যেকোনো সন্দেহজনক কিছু দেখলে পুলিশকে জানাতে বলা হয়েছে।
